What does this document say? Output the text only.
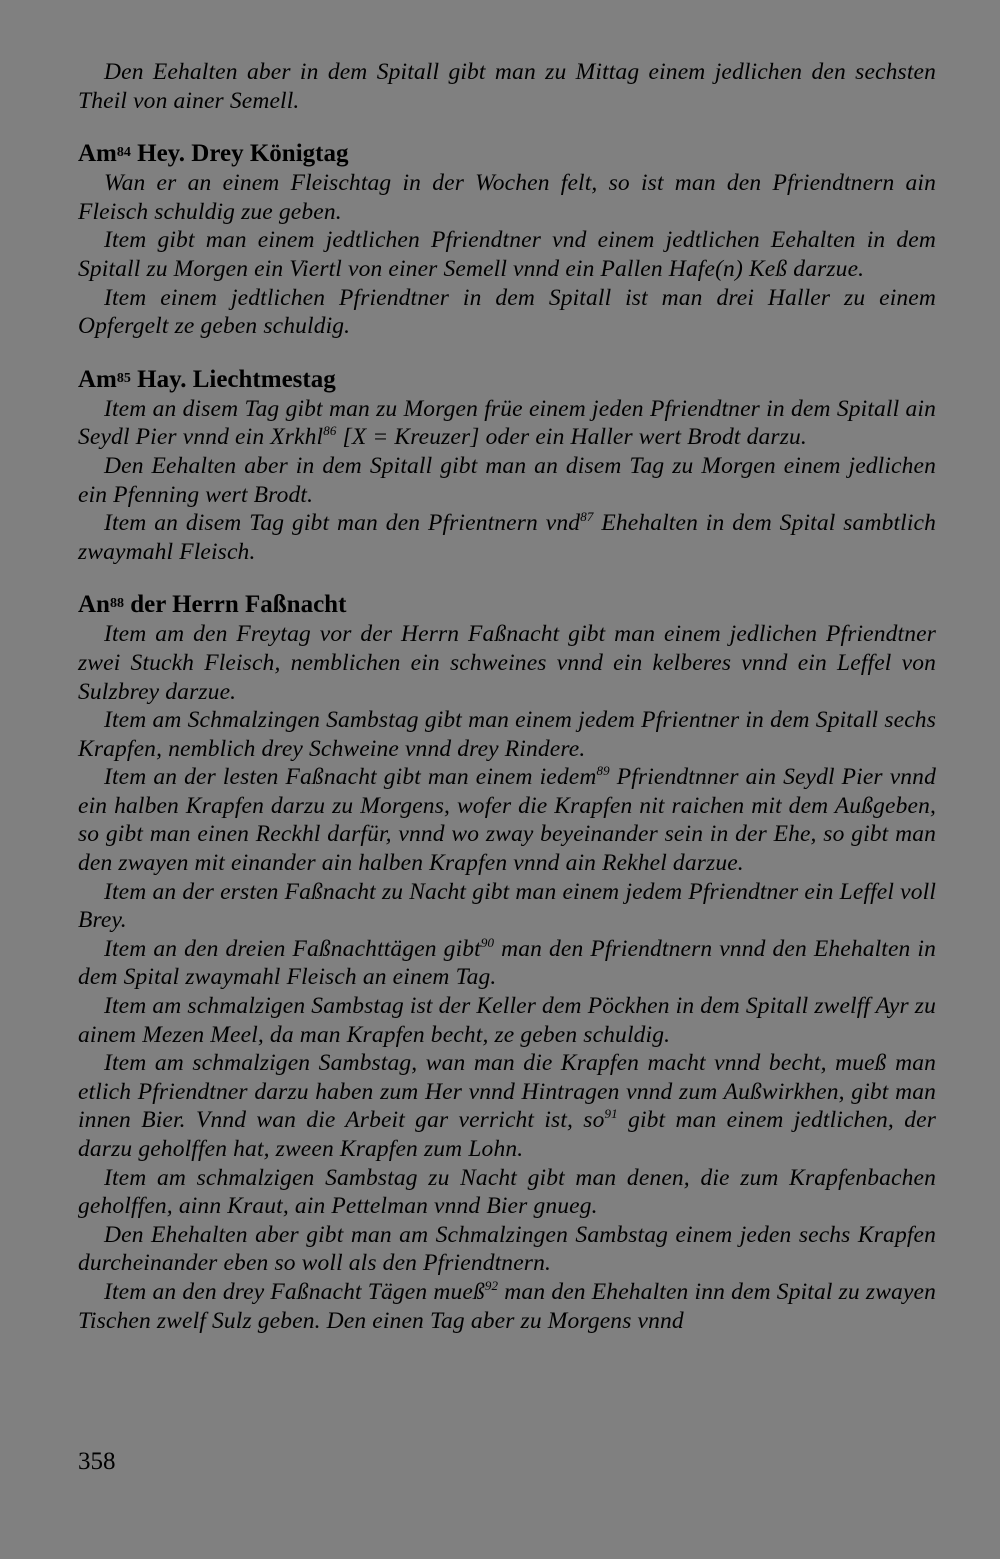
Den Eehalten aber in dem Spitall gibt man zu Mittag einem jedlichen den sechsten Theil von ainer Semell.

Am$^{84}$ Hey. Drey Königtag

Wan er an einem Fleischtag in der Wochen felt, so ist man den Pfriendtnern ain Fleisch schuldig zue geben.

Item gibt man einem jedtlichen Pfriendtner vnd einem jedtlichen Eehalten in dem Spitall zu Morgen ein Viertl von einer Semell vnnd ein Pallen Hafe(n) Keß darzue.

Item einem jedtlichen Pfriendtner in dem Spitall ist man drei Haller zu einem Opfergelt ze geben schuldig.

Am$^{85}$ Hay. Liechtmestag

Item an disem Tag gibt man zu Morgen früe einem jeden Pfriendtner in dem Spitall ain Seydl Pier vnnd ein Xrkhl$^{86}$ [X = Kreuzer] oder ein Haller wert Brodt darzu.

Den Eehalten aber in dem Spitall gibt man an disem Tag zu Morgen einem jedlichen ein Pfenning wert Brodt.

Item an disem Tag gibt man den Pfrientnern vnd$^{87}$ Ehehalten in dem Spital sambtlich zwaymahl Fleisch.

An$^{88}$ der Herrn Faßnacht

Item am den Freytag vor der Herrn Faßnacht gibt man einem jedlichen Pfriendtner zwei Stuckh Fleisch, nemblichen ein schweines vnnd ein kelberes vnnd ein Leffel von Sulzbrey darzue.

Item am Schmalzingen Sambstag gibt man einem jedem Pfrientner in dem Spitall sechs Krapfen, nemblich drey Schweine vnnd drey Rindere.

Item an der lesten Faßnacht gibt man einem iedem$^{89}$ Pfriendtnner ain Seydl Pier vnnd ein halben Krapfen darzu zu Morgens, wofer die Krapfen nit raichen mit dem Außgeben, so gibt man einen Reckhl darfür, vnnd wo zway beyeinander sein in der Ehe, so gibt man den zwayen mit einander ain halben Krapfen vnnd ain Rekhel darzue.

Item an der ersten Faßnacht zu Nacht gibt man einem jedem Pfriendtner ein Leffel voll Brey.

Item an den dreien Faßnachttägen gibt$^{90}$ man den Pfriendtnern vnnd den Ehehalten in dem Spital zwaymahl Fleisch an einem Tag.

Item am schmalzigen Sambstag ist der Keller dem Pöckhen in dem Spitall zwelff Ayr zu ainem Mezen Meel, da man Krapfen becht, ze geben schuldig.

Item am schmalzigen Sambstag, wan man die Krapfen macht vnnd becht, mueß man etlich Pfriendtner darzu haben zum Her vnnd Hintragen vnnd zum Außwirkhen, gibt man innen Bier. Vnnd wan die Arbeit gar verricht ist, $so^{91}$ gibt man einem jedtlichen, der darzu geholffen hat, zween Krapfen zum Lohn.

Item am schmalzigen Sambstag zu Nacht gibt man denen, die zum Krapfenbachen geholffen, ainn Kraut, ain Pettelman vnnd Bier gnueg.

Den Ehehalten aber gibt man am Schmalzingen Sambstag einem jeden sechs Krapfen durcheinander eben so woll als den Pfriendtnern.

Item an den drey Faßnacht Tägen mueß$^{92}$ man den Ehehalten inn dem Spital zu zwayen Tischen zwelf Sulz geben. Den einen Tag aber zu Morgens vnnd

358
